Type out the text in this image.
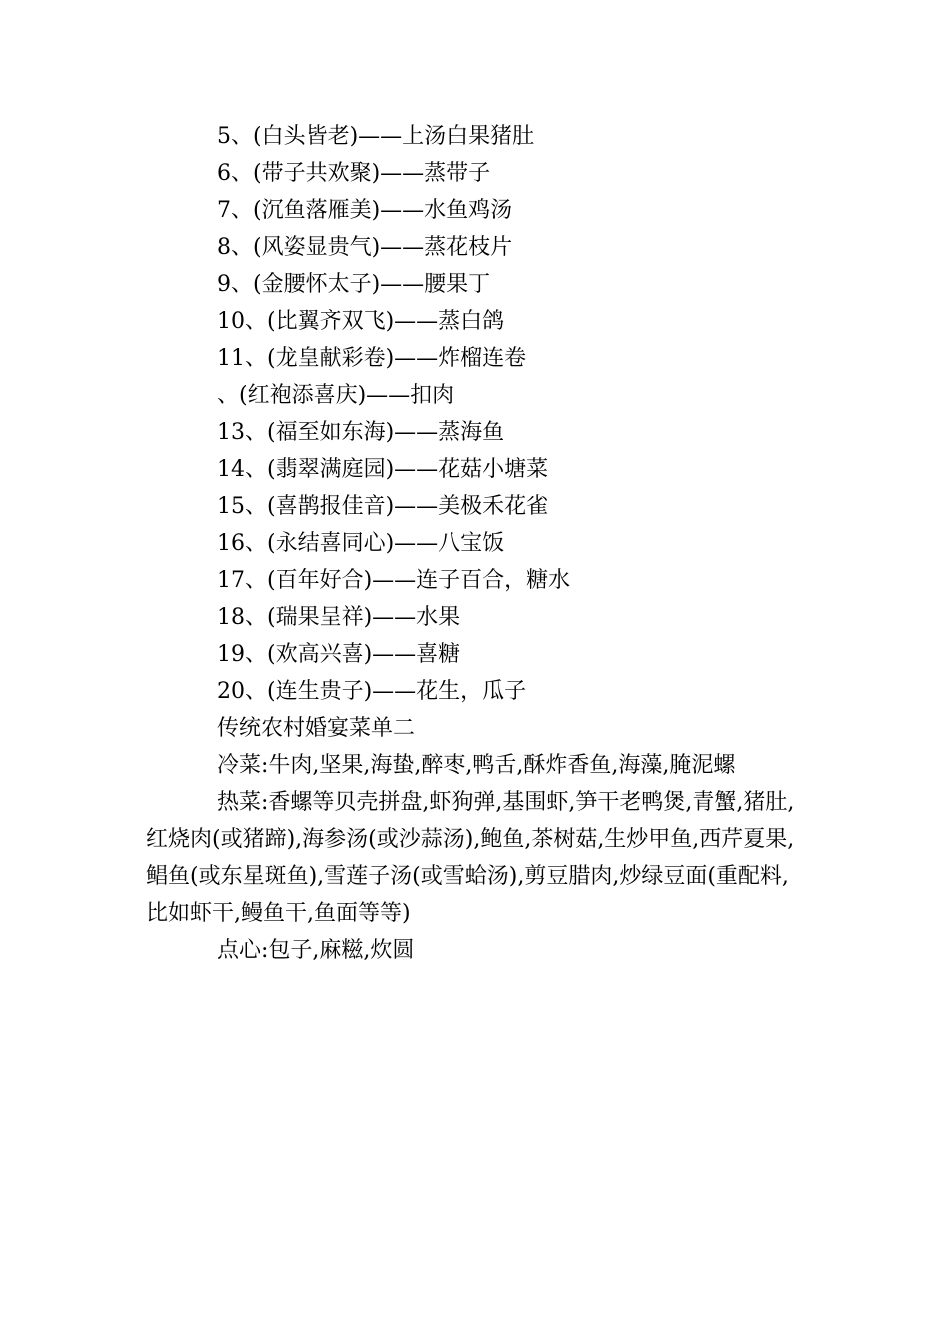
5、(白头皆老)——上汤白果猪肚
6、(带子共欢聚)——蒸带子
7、(沉鱼落雁美)——水鱼鸡汤
8、(风姿显贵气)——蒸花枝片
9、(金腰怀太子)——腰果丁
10、(比翼齐双飞)——蒸白鸽
11、(龙皇献彩卷)——炸榴连卷
、(红袍添喜庆)——扣肉
13、(福至如东海)——蒸海鱼
14、(翡翠满庭园)——花菇小塘菜
15、(喜鹊报佳音)——美极禾花雀
16、(永结喜同心)——八宝饭
17、(百年好合)——连子百合，糖水
18、(瑞果呈祥)——水果
19、(欢高兴喜)——喜糖
20、(连生贵子)——花生，瓜子
传统农村婚宴菜单二

冷菜:牛肉,坚果,海蛰,醉枣,鸭舌,酥炸香鱼,海藻,腌泥螺

热菜:香螺等贝壳拼盘,虾狗弹,基围虾,笋干老鸭煲,青蟹,猪肚,红烧肉(或猪蹄),海参汤(或沙蒜汤),鲍鱼,茶树菇,生炒甲鱼,西芹夏果,鲳鱼(或东星斑鱼),雪莲子汤(或雪蛤汤),剪豆腊肉,炒绿豆面(重配料,比如虾干,鳗鱼干,鱼面等等)

点心:包子,麻糍,炊圆
